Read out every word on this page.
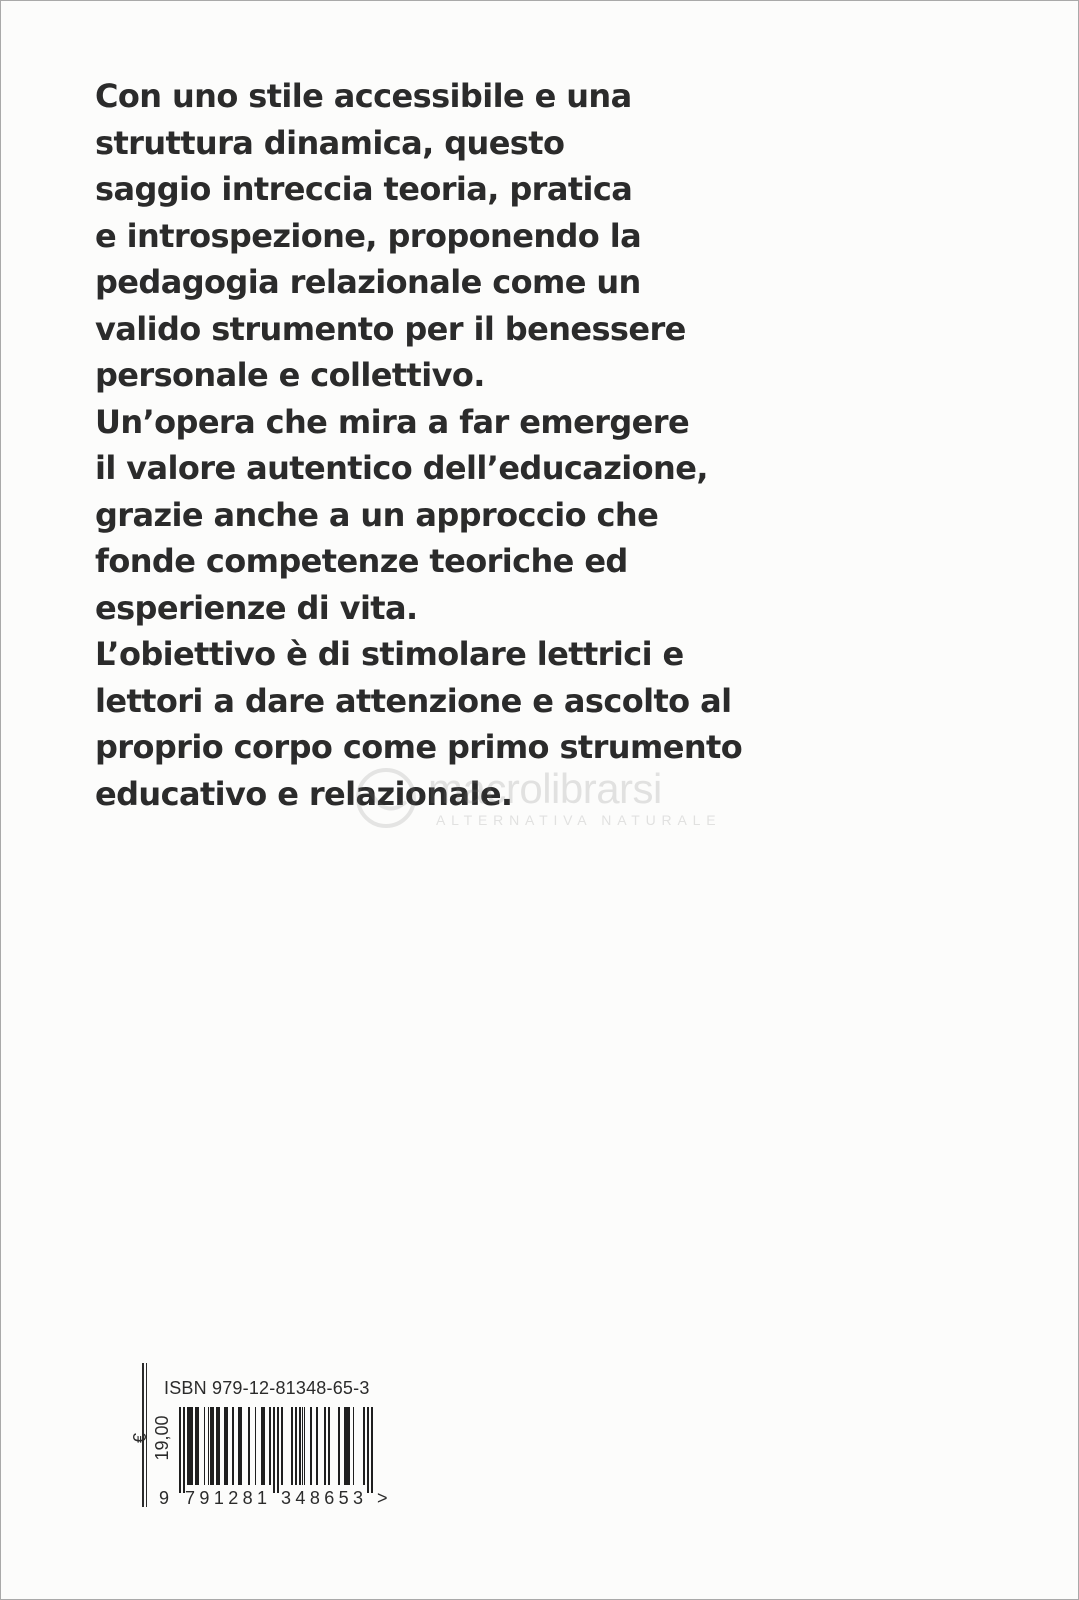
Con uno stile accessibile e una
struttura dinamica, questo
saggio intreccia teoria, pratica
e introspezione, proponendo la
pedagogia relazionale come un
valido strumento per il benessere
personale e collettivo.
Un’opera che mira a far emergere
il valore autentico dell’educazione,
grazie anche a un approccio che
fonde competenze teoriche ed
esperienze di vita.
L’obiettivo è di stimolare lettrici e
lettori a dare attenzione e ascolto al
proprio corpo come primo strumento
educativo e relazionale.

macrolibrarsi
ALTERNATIVA NATURALE
€ 19,00
ISBN 979-12-81348-65-3
9 791281 348653 >
